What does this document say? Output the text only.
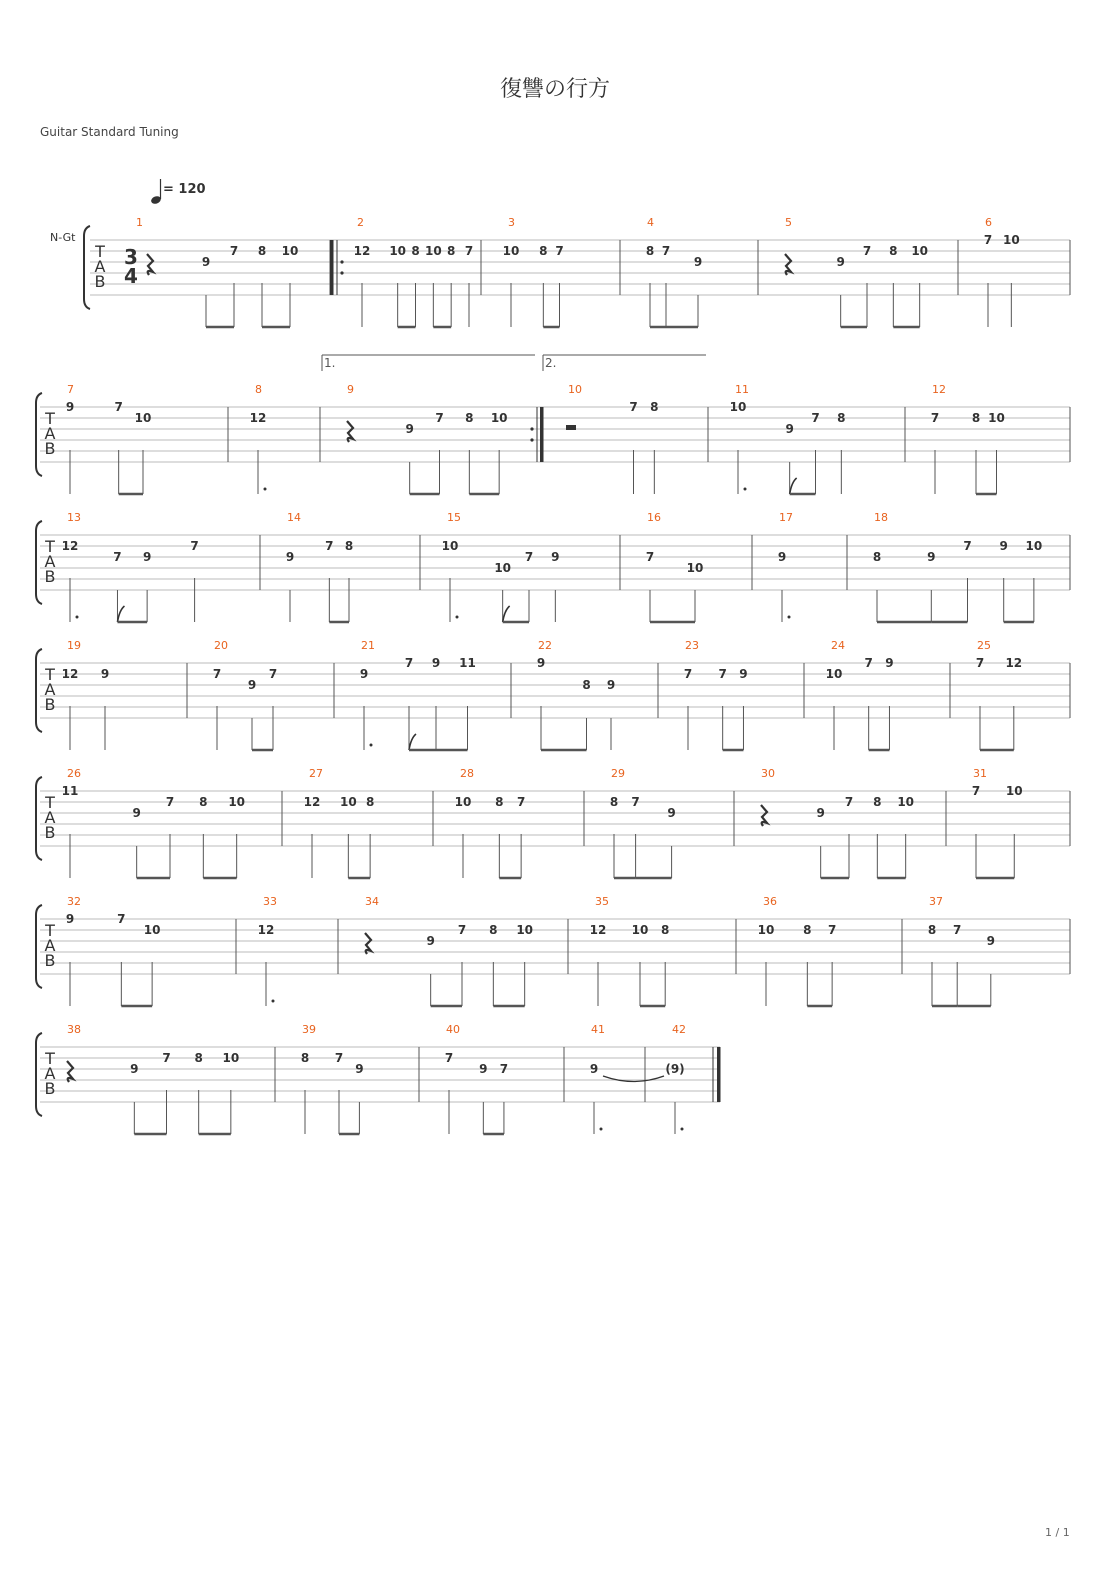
復讐の行方
Guitar Standard Tuning
= 120
T
A
B
N-Gt
3
4
1
9
7 8 10
2
12 10 8 10 8 7
3
10 8 7
4
8 7
9
5
9
7 8 10
6
7 10
T
A
B
7
9	7
10
8
12
9
1.
9
7 8 10
10
2.
7 8
11
10
9
7 8
12
7	8 10
T
A
B
13
12
7 9
7
14
9
7 8
15
10
10
7 9
16
7
10
17
9
18
8	9
7 9 10
T
A
B
19
12 9
20
7
9
7
21
9
7 9 11
22
9
8 9
23
7 7 9
24
10
7 9
25
7 12
T
A
B
26
11
9
7 8 10
27
12 10 8
28
10 8 7
29
8 7
9
30
9
7 8 10
31
7 10
T
A
B
32
9	7
10
33
12
34
9
7 8 10
35
12 10 8
36
10 8 7
37
8 7
9
T
A
B
38
9
7 8 10
39
8 7
9
40
7
9 7
41
9
42
(9)
1 / 1
